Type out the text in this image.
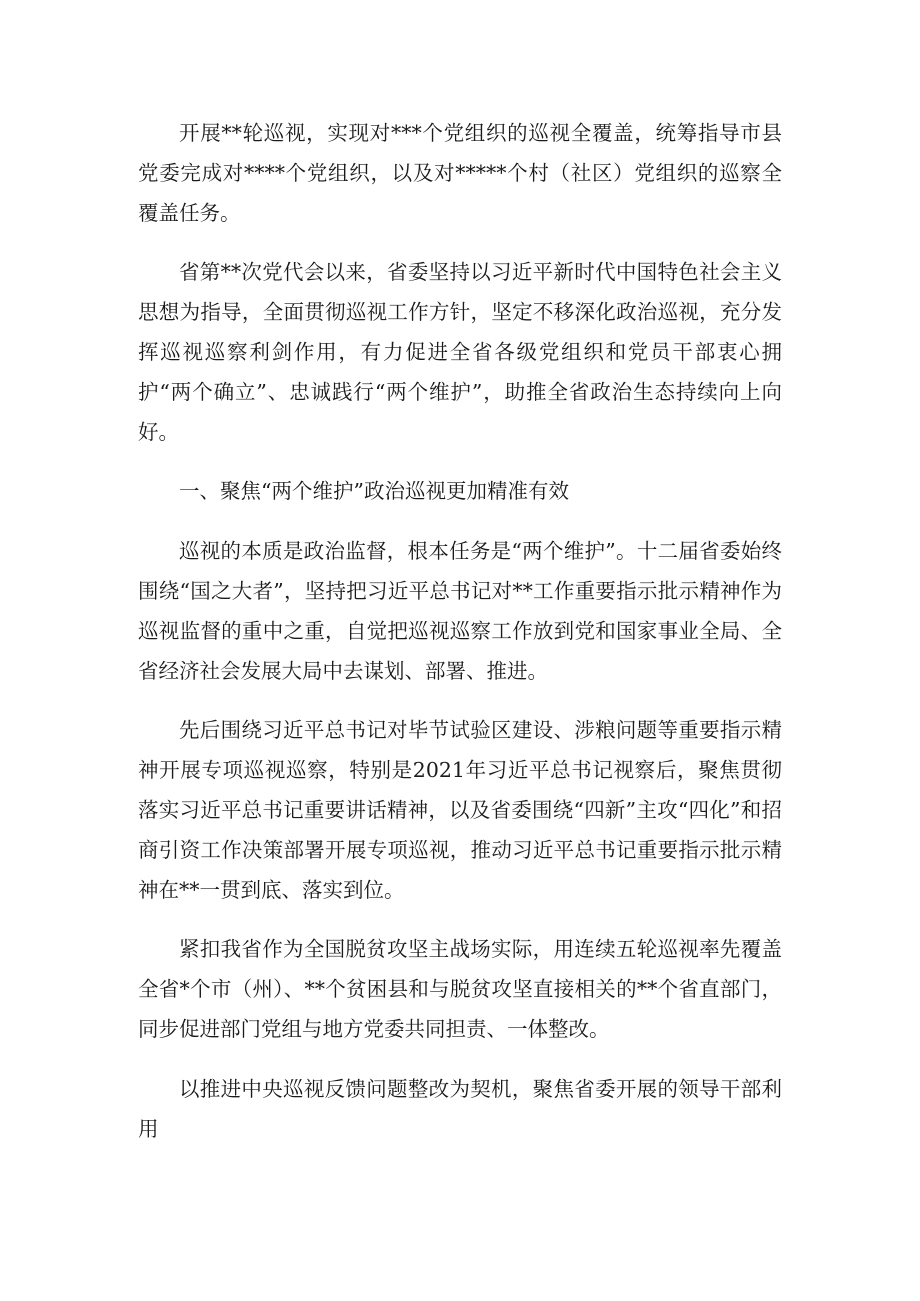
开展**轮巡视，实现对***个党组织的巡视全覆盖，统筹指导市县党委完成对****个党组织，以及对*****个村（社区）党组织的巡察全覆盖任务。

省第**次党代会以来，省委坚持以习近平新时代中国特色社会主义思想为指导，全面贯彻巡视工作方针，坚定不移深化政治巡视，充分发挥巡视巡察利剑作用，有力促进全省各级党组织和党员干部衷心拥护“两个确立”、忠诚践行“两个维护”，助推全省政治生态持续向上向好。

一、聚焦“两个维护”政治巡视更加精准有效

巡视的本质是政治监督，根本任务是“两个维护”。十二届省委始终围绕“国之大者”，坚持把习近平总书记对**工作重要指示批示精神作为巡视监督的重中之重，自觉把巡视巡察工作放到党和国家事业全局、全省经济社会发展大局中去谋划、部署、推进。

先后围绕习近平总书记对毕节试验区建设、涉粮问题等重要指示精神开展专项巡视巡察，特别是2021年习近平总书记视察后，聚焦贯彻落实习近平总书记重要讲话精神，以及省委围绕“四新”主攻“四化”和招商引资工作决策部署开展专项巡视，推动习近平总书记重要指示批示精神在**一贯到底、落实到位。

紧扣我省作为全国脱贫攻坚主战场实际，用连续五轮巡视率先覆盖全省*个市（州）、**个贫困县和与脱贫攻坚直接相关的**个省直部门，同步促进部门党组与地方党委共同担责、一体整改。

以推进中央巡视反馈问题整改为契机，聚焦省委开展的领导干部利用
